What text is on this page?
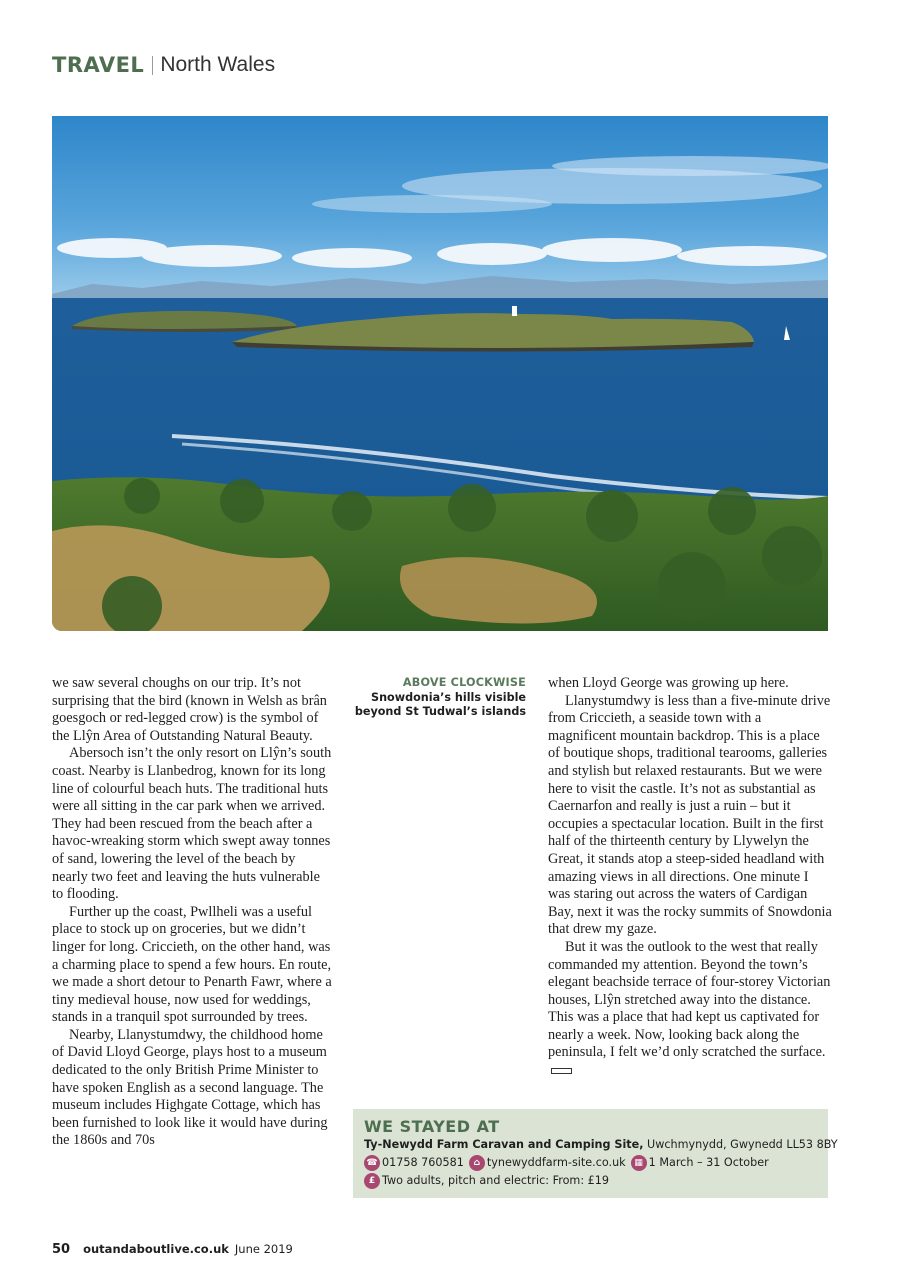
TRAVEL North Wales

we saw several choughs on our trip. It’s not surprising that the bird (known in Welsh as brân goesgoch or red-legged crow) is the symbol of the Llŷn Area of Outstanding Natural Beauty.

Abersoch isn’t the only resort on Llŷn’s south coast. Nearby is Llanbedrog, known for its long line of colourful beach huts. The traditional huts were all sitting in the car park when we arrived. They had been rescued from the beach after a havoc-wreaking storm which swept away tonnes of sand, lowering the level of the beach by nearly two feet and leaving the huts vulnerable to flooding.

Further up the coast, Pwllheli was a useful place to stock up on groceries, but we didn’t linger for long. Criccieth, on the other hand, was a charming place to spend a few hours. En route, we made a short detour to Penarth Fawr, where a tiny medieval house, now used for weddings, stands in a tranquil spot surrounded by trees.

Nearby, Llanystumdwy, the childhood home of David Lloyd George, plays host to a museum dedicated to the only British Prime Minister to have spoken English as a second language. The museum includes Highgate Cottage, which has been furnished to look like it would have during the 1860s and 70s

ABOVE CLOCKWISE
Snowdonia’s hills visible beyond St Tudwal’s islands

when Lloyd George was growing up here.

Llanystumdwy is less than a five-minute drive from Criccieth, a seaside town with a magnificent mountain backdrop. This is a place of boutique shops, traditional tearooms, galleries and stylish but relaxed restaurants. But we were here to visit the castle. It’s not as substantial as Caernarfon and really is just a ruin – but it occupies a spectacular location. Built in the first half of the thirteenth century by Llywelyn the Great, it stands atop a steep-sided headland with amazing views in all directions. One minute I was staring out across the waters of Cardigan Bay, next it was the rocky summits of Snowdonia that drew my gaze.

But it was the outlook to the west that really commanded my attention. Beyond the town’s elegant beachside terrace of four-storey Victorian houses, Llŷn stretched away into the distance. This was a place that had kept us captivated for nearly a week. Now, looking back along the peninsula, I felt we’d only scratched the surface.

WE STAYED AT
Ty-Newydd Farm Caravan and Camping Site,
Uwchmynydd, Gwynedd LL53 8BY
☎ 01758 760581	⌂ tynewyddfarm-site.co.uk ▦ 1 March – 31 October
£ Two adults, pitch and electric: From: £19
50 outandaboutlive.co.uk June 2019
